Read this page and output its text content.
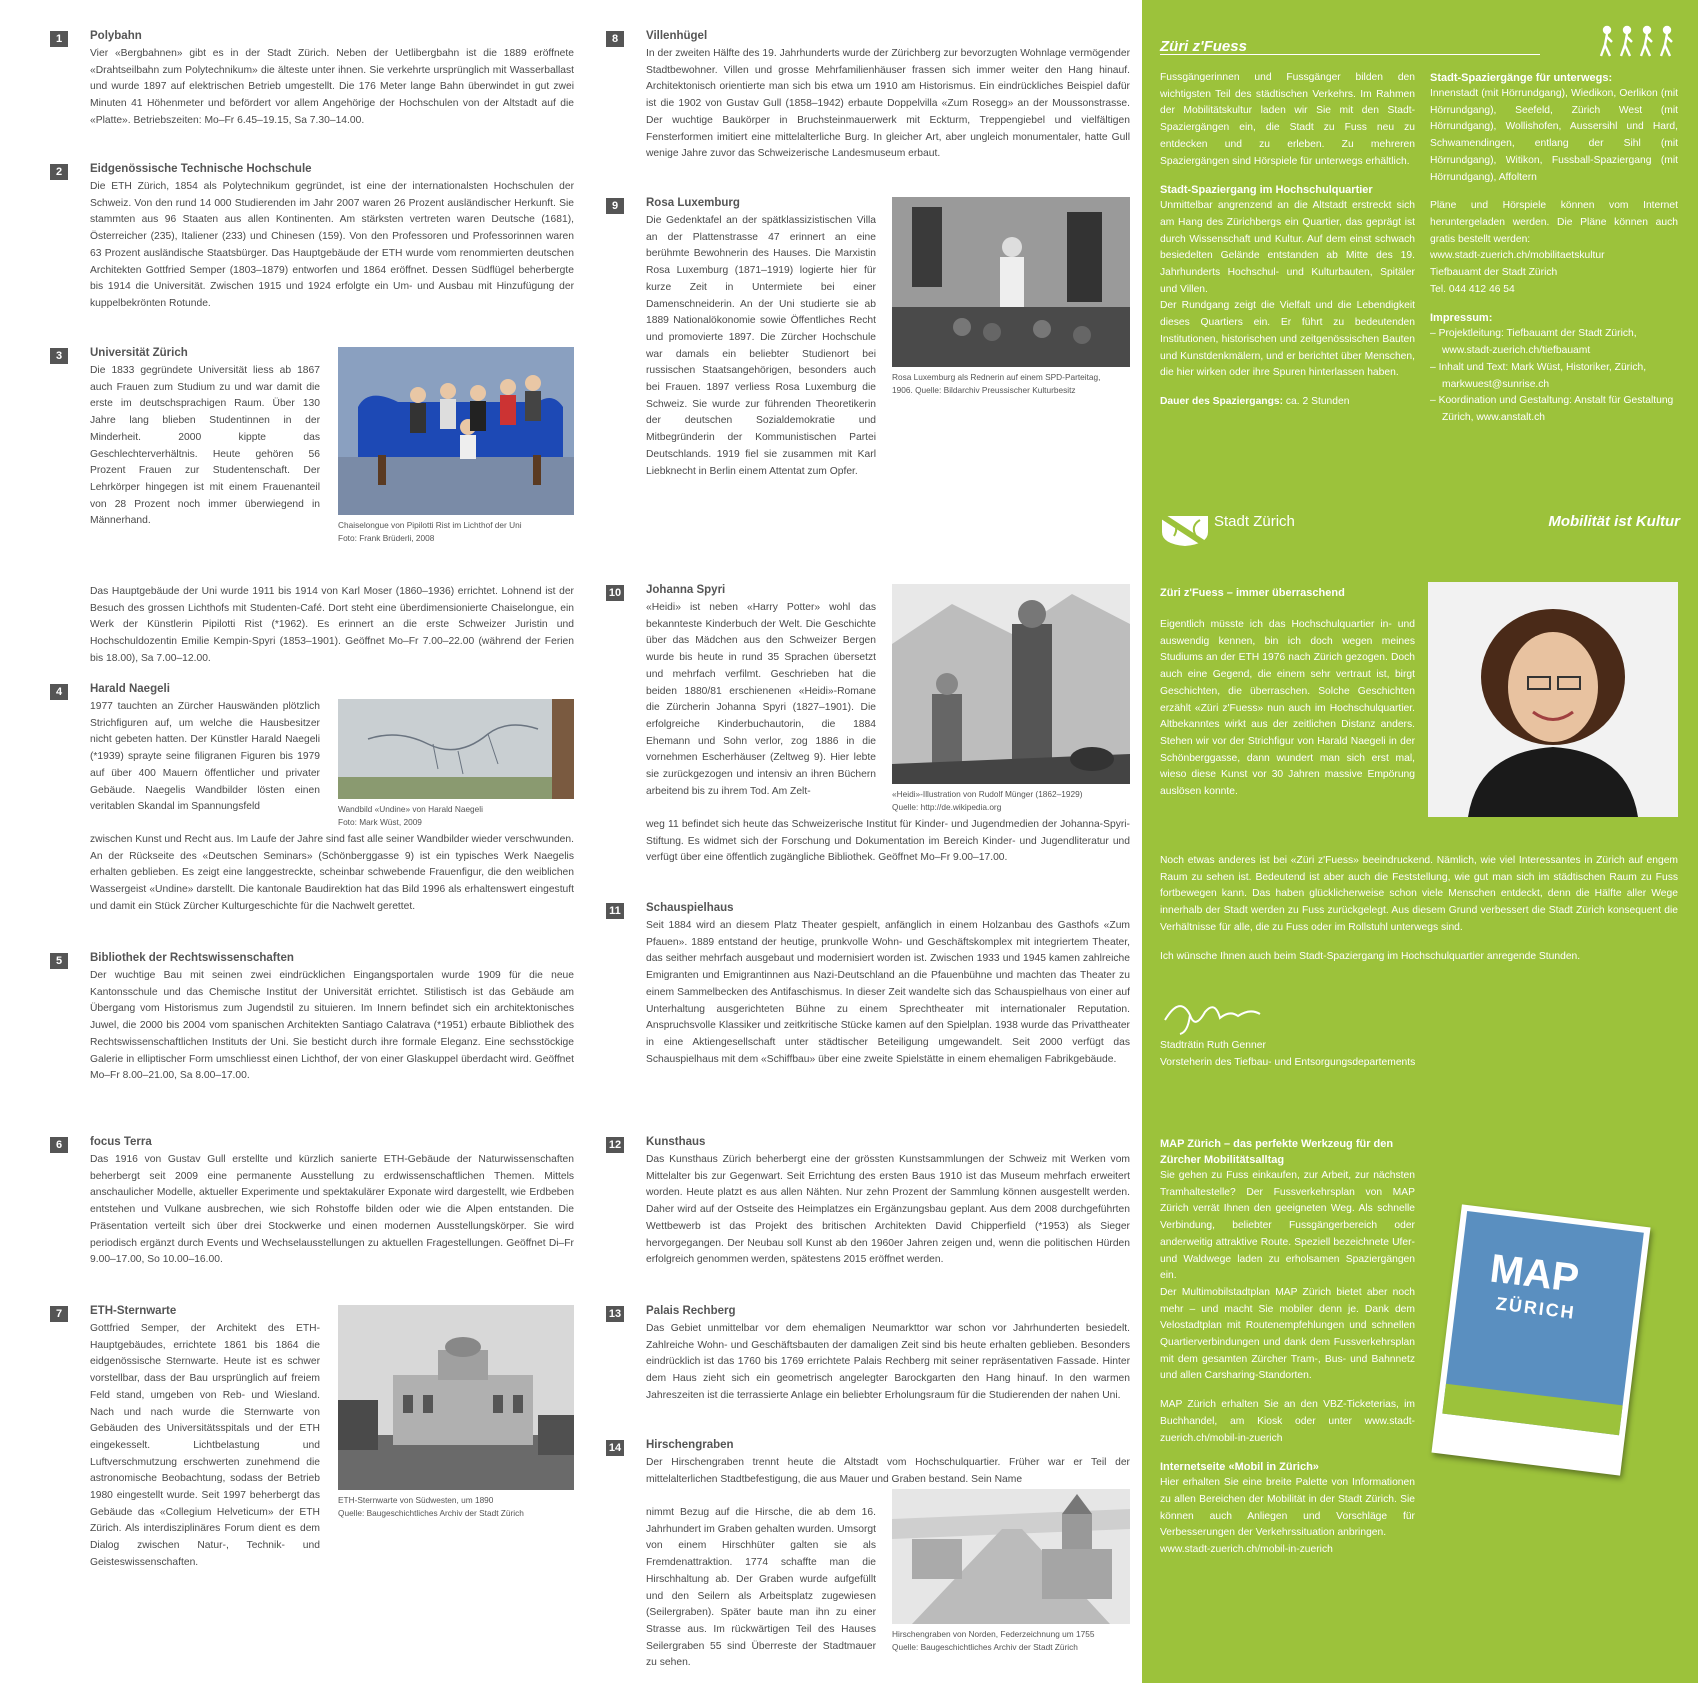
1	Polybahn
Vier «Bergbahnen» gibt es in der Stadt Zürich. Neben der Uetlibergbahn ist die 1889 eröffnete «Drahtseilbahn zum Polytechnikum» die älteste unter ihnen. Sie verkehrte ursprünglich mit Wasserballast und wurde 1897 auf elektrischen Betrieb umgestellt. Die 176 Meter lange Bahn überwindet in gut zwei Minuten 41 Höhenmeter und befördert vor allem Angehörige der Hochschulen von der Altstadt auf die «Platte». Betriebszeiten: Mo–Fr 6.45–19.15, Sa 7.30–14.00.
2	Eidgenössische Technische Hochschule
Die ETH Zürich, 1854 als Polytechnikum gegründet, ist eine der internationalsten Hochschulen der Schweiz. Von den rund 14 000 Studierenden im Jahr 2007 waren 26 Prozent ausländischer Herkunft. Sie stammten aus 96 Staaten aus allen Kontinenten. Am stärksten vertreten waren Deutsche (1681), Österreicher (235), Italiener (233) und Chinesen (159). Von den Professoren und Professorinnen waren 63 Prozent ausländische Staatsbürger. Das Hauptgebäude der ETH wurde vom renommierten deutschen Architekten Gottfried Semper (1803–1879) entworfen und 1864 eröffnet. Dessen Südflügel beherbergte bis 1914 die Universität. Zwischen 1915 und 1924 erfolgte ein Um- und Ausbau mit Hinzufügung der kuppelbekrönten Rotunde.
3	Universität Zürich
Die 1833 gegründete Universität liess ab 1867 auch Frauen zum Studium zu und war damit die erste im deutschsprachigen Raum. Über 130 Jahre lang blieben Studentinnen in der Minderheit. 2000 kippte das Geschlechterverhältnis. Heute gehören 56 Prozent Frauen zur Studentenschaft. Der Lehrkörper hingegen ist mit einem Frauenanteil von 28 Prozent noch immer überwiegend in Männerhand.	Chaiselongue von Pipilotti Rist im Lichthof der Uni
Foto: Frank Brüderli, 2008
Das Hauptgebäude der Uni wurde 1911 bis 1914 von Karl Moser (1860–1936) errichtet. Lohnend ist der Besuch des grossen Lichthofs mit Studenten-Café. Dort steht eine überdimensionierte Chaiselongue, ein Werk der Künstlerin Pipilotti Rist (*1962). Es erinnert an die erste Schweizer Juristin und Hochschuldozentin Emilie Kempin-Spyri (1853–1901). Geöffnet Mo–Fr 7.00–22.00 (während der Ferien bis 18.00), Sa 7.00–12.00.
4	Harald Naegeli
1977 tauchten an Zürcher Hauswänden plötzlich Strichfiguren auf, um welche die Hausbesitzer nicht gebeten hatten. Der Künstler Harald Naegeli (*1939) sprayte seine filigranen Figuren bis 1979 auf über 400 Mauern öffentlicher und privater Gebäude. Naegelis Wandbilder lösten einen veritablen Skandal im Spannungsfeld	Wandbild «Undine» von Harald Naegeli
Foto: Mark Wüst, 2009
zwischen Kunst und Recht aus. Im Laufe der Jahre sind fast alle seiner Wandbilder wieder verschwunden. An der Rückseite des «Deutschen Seminars» (Schönberggasse 9) ist ein typisches Werk Naegelis erhalten geblieben. Es zeigt eine langgestreckte, scheinbar schwebende Frauenfigur, die den weiblichen Wassergeist «Undine» darstellt. Die kantonale Baudirektion hat das Bild 1996 als erhaltenswert eingestuft und damit ein Stück Zürcher Kulturgeschichte für die Nachwelt gerettet.
5	Bibliothek der Rechtswissenschaften
Der wuchtige Bau mit seinen zwei eindrücklichen Eingangsportalen wurde 1909 für die neue Kantonsschule und das Chemische Institut der Universität errichtet. Stilistisch ist das Gebäude am Übergang vom Historismus zum Jugendstil zu situieren. Im Innern befindet sich ein architektonisches Juwel, die 2000 bis 2004 vom spanischen Architekten Santiago Calatrava (*1951) erbaute Bibliothek des Rechtswissenschaftlichen Instituts der Uni. Sie besticht durch ihre formale Eleganz. Eine sechsstöckige Galerie in elliptischer Form umschliesst einen Lichthof, der von einer Glaskuppel überdacht wird. Geöffnet Mo–Fr 8.00–21.00, Sa 8.00–17.00.
6	focus Terra
Das 1916 von Gustav Gull erstellte und kürzlich sanierte ETH-Gebäude der Naturwissenschaften beherbergt seit 2009 eine permanente Ausstellung zu erdwissenschaftlichen Themen. Mittels anschaulicher Modelle, aktueller Experimente und spektakulärer Exponate wird dargestellt, wie Erdbeben entstehen und Vulkane ausbrechen, wie sich Rohstoffe bilden oder wie die Alpen entstanden. Die Präsentation verteilt sich über drei Stockwerke und einen modernen Ausstellungskörper. Sie wird periodisch ergänzt durch Events und Wechselausstellungen zu aktuellen Fragestellungen. Geöffnet Di–Fr 9.00–17.00, So 10.00–16.00.
7	ETH-Sternwarte
Gottfried Semper, der Architekt des ETH-Hauptgebäudes, errichtete 1861 bis 1864 die eidgenössische Sternwarte. Heute ist es schwer vorstellbar, dass der Bau ursprünglich auf freiem Feld stand, umgeben von Reb- und Wiesland. Nach und nach wurde die Sternwarte von Gebäuden des Universitätsspitals und der ETH eingekesselt. Lichtbelastung und Luftverschmutzung erschwerten zunehmend die astronomische Beobachtung, sodass der Betrieb 1980 eingestellt wurde. Seit 1997 beherbergt das Gebäude das «Collegium Helveticum» der ETH Zürich. Als interdisziplinäres Forum dient es dem Dialog zwischen Natur-, Technik- und Geisteswissenschaften.
ETH-Sternwarte von Südwesten, um 1890
Quelle: Baugeschichtliches Archiv der Stadt Zürich
8	Villenhügel
In der zweiten Hälfte des 19. Jahrhunderts wurde der Zürichberg zur bevorzugten Wohnlage vermögender Stadtbewohner. Villen und grosse Mehrfamilienhäuser frassen sich immer weiter den Hang hinauf. Architektonisch orientierte man sich bis etwa um 1910 am Historismus. Ein eindrückliches Beispiel dafür ist die 1902 von Gustav Gull (1858–1942) erbaute Doppelvilla «Zum Rosegg» an der Moussonstrasse. Der wuchtige Baukörper in Bruchsteinmauerwerk mit Eckturm, Treppengiebel und vielfältigen Fensterformen imitiert eine mittelalterliche Burg. In gleicher Art, aber ungleich monumentaler, hatte Gull wenige Jahre zuvor das Schweizerische Landesmuseum erbaut.
9	Rosa Luxemburg
Die Gedenktafel an der spätklassizistischen Villa an der Plattenstrasse 47 erinnert an eine berühmte Bewohnerin des Hauses. Die Marxistin Rosa Luxemburg (1871–1919) logierte hier für kurze Zeit in Untermiete bei einer Damenschneiderin. An der Uni studierte sie ab 1889 Nationalökonomie sowie Öffentliches Recht und promovierte 1897. Die Zürcher Hochschule war damals ein beliebter Studienort bei russischen Staatsangehörigen, besonders auch bei Frauen. 1897 verliess Rosa Luxemburg die Schweiz. Sie wurde zur führenden Theoretikerin der deutschen Sozialdemokratie und Mitbegründerin der Kommunistischen Partei Deutschlands. 1919 fiel sie zusammen mit Karl Liebknecht in Berlin einem Attentat zum Opfer.
Rosa Luxemburg als Rednerin auf einem SPD-Parteitag,
1906. Quelle: Bildarchiv Preussischer Kulturbesitz
10 Johanna Spyri
«Heidi» ist neben «Harry Potter» wohl das bekannteste Kinderbuch der Welt. Die Geschichte über das Mädchen aus den Schweizer Bergen wurde bis heute in rund 35 Sprachen übersetzt und mehrfach verfilmt. Geschrieben hat die beiden 1880/81 erschienenen «Heidi»-Romane die Zürcherin Johanna Spyri (1827–1901). Die erfolgreiche Kinderbuchautorin, die 1884 Ehemann und Sohn verlor, zog 1886 in die vornehmen Escherhäuser (Zeltweg 9). Hier lebte sie zurückgezogen und intensiv an ihren Büchern arbeitend bis zu ihrem Tod. Am Zelt-	«Heidi»-Illustration von Rudolf Münger (1862–1929)
Quelle: http://de.wikipedia.org
weg 11 befindet sich heute das Schweizerische Institut für Kinder- und Jugendmedien der Johanna-Spyri-Stiftung. Es widmet sich der Forschung und Dokumentation im Bereich Kinder- und Jugendliteratur und verfügt über eine öffentlich zugängliche Bibliothek. Geöffnet Mo–Fr 9.00–17.00.
11 Schauspielhaus
Seit 1884 wird an diesem Platz Theater gespielt, anfänglich in einem Holzanbau des Gasthofs «Zum Pfauen». 1889 entstand der heutige, prunkvolle Wohn- und Geschäftskomplex mit integriertem Theater, das seither mehrfach ausgebaut und modernisiert worden ist. Zwischen 1933 und 1945 kamen zahlreiche Emigranten und Emigrantinnen aus Nazi-Deutschland an die Pfauenbühne und machten das Theater zu einem Sammelbecken des Antifaschismus. In dieser Zeit wandelte sich das Schauspielhaus von einer auf Unterhaltung ausgerichteten Bühne zu einem Sprechtheater mit internationaler Reputation. Anspruchsvolle Klassiker und zeitkritische Stücke kamen auf den Spielplan. 1938 wurde das Privattheater in eine Aktiengesellschaft unter städtischer Beteiligung umgewandelt. Seit 2000 verfügt das Schauspielhaus mit dem «Schiffbau» über eine zweite Spielstätte in einem ehemaligen Fabrikgebäude.
12 Kunsthaus
Das Kunsthaus Zürich beherbergt eine der grössten Kunstsammlungen der Schweiz mit Werken vom Mittelalter bis zur Gegenwart. Seit Errichtung des ersten Baus 1910 ist das Museum mehrfach erweitert worden. Heute platzt es aus allen Nähten. Nur zehn Prozent der Sammlung können ausgestellt werden. Daher wird auf der Ostseite des Heimplatzes ein Ergänzungsbau geplant. Aus dem 2008 durchgeführten Wettbewerb ist das Projekt des britischen Architekten David Chipperfield (*1953) als Sieger hervorgegangen. Der Neubau soll Kunst ab den 1960er Jahren zeigen und, wenn die politischen Hürden erfolgreich genommen werden, spätestens 2015 eröffnet werden.
13 Palais Rechberg
Das Gebiet unmittelbar vor dem ehemaligen Neumarkttor war schon vor Jahrhunderten besiedelt. Zahlreiche Wohn- und Geschäftsbauten der damaligen Zeit sind bis heute erhalten geblieben. Besonders eindrücklich ist das 1760 bis 1769 errichtete Palais Rechberg mit seiner repräsentativen Fassade. Hinter dem Haus zieht sich ein geometrisch angelegter Barockgarten den Hang hinauf. In den warmen Jahreszeiten ist die terrassierte Anlage ein beliebter Erholungsraum für die Studierenden der nahen Uni.
14 Hirschengraben
Der Hirschengraben trennt heute die Altstadt vom Hochschulquartier. Früher war er Teil der mittelalterlichen Stadtbefestigung, die aus Mauer und Graben bestand. Sein Name
nimmt Bezug auf die Hirsche, die ab dem 16. Jahrhundert im Graben gehalten wurden. Umsorgt von einem Hirschhüter galten sie als Fremdenattraktion. 1774 schaffte man die Hirschhaltung ab. Der Graben wurde aufgefüllt und den Seilern als Arbeitsplatz zugewiesen (Seilergraben). Später baute man ihn zu einer Strasse aus. Im rückwärtigen Teil des Hauses Seilergraben 55 sind Überreste der Stadtmauer zu sehen.
Hirschengraben von Norden, Federzeichnung um 1755
Quelle: Baugeschichtliches Archiv der Stadt Zürich
Züri z'Fuess
Fussgängerinnen und Fussgänger bilden den wichtigsten Teil des städtischen Verkehrs. Im Rahmen der Mobilitätskultur laden wir Sie mit den Stadt-Spaziergängen ein, die Stadt zu Fuss neu zu entdecken und zu erleben. Zu mehreren Spaziergängen sind Hörspiele für unterwegs erhältlich.
Stadt-Spaziergang im Hochschulquartier
Unmittelbar angrenzend an die Altstadt erstreckt sich am Hang des Zürichbergs ein Quartier, das geprägt ist durch Wissenschaft und Kultur. Auf dem einst schwach besiedelten Gelände entstanden ab Mitte des 19. Jahrhunderts Hochschul- und Kulturbauten, Spitäler und Villen.
Der Rundgang zeigt die Vielfalt und die Lebendigkeit dieses Quartiers ein. Er führt zu bedeutenden Institutionen, historischen und zeitgenössischen Bauten und Kunstdenkmälern, und er berichtet über Menschen, die hier wirken oder ihre Spuren hinterlassen haben.
Dauer des Spaziergangs: ca. 2 Stunden
Stadt-Spaziergänge für unterwegs:
Innenstadt (mit Hörrundgang), Wiedikon, Oerlikon (mit Hörrundgang), Seefeld, Zürich West (mit Hörrundgang), Wollishofen, Aussersihl und Hard, Schwamendingen, entlang der Sihl (mit Hörrundgang), Witikon, Fussball-Spaziergang (mit Hörrundgang), Affoltern
Pläne und Hörspiele können vom Internet heruntergeladen werden. Die Pläne können auch gratis bestellt werden:
www.stadt-zuerich.ch/mobilitaetskultur
Tiefbauamt der Stadt Zürich
Tel. 044 412 46 54
Impressum:
– Projektleitung: Tiefbauamt der Stadt Zürich, www.stadt-zuerich.ch/tiefbauamt
– Inhalt und Text: Mark Wüst, Historiker, Zürich, markwuest@sunrise.ch
– Koordination und Gestaltung: Anstalt für Gestaltung Zürich, www.anstalt.ch
Stadt Zürich	Mobilität ist Kultur
Züri z'Fuess – immer überraschend
Eigentlich müsste ich das Hochschulquartier in- und auswendig kennen, bin ich doch wegen meines Studiums an der ETH 1976 nach Zürich gezogen. Doch auch eine Gegend, die einem sehr vertraut ist, birgt Geschichten, die überraschen. Solche Geschichten erzählt «Züri z'Fuess» nun auch im Hochschulquartier. Altbekanntes wirkt aus der zeitlichen Distanz anders. Stehen wir vor der Strichfigur von Harald Naegeli in der Schönberggasse, dann wundert man sich erst mal, wieso diese Kunst vor 30 Jahren massive Empörung auslösen konnte.
Noch etwas anderes ist bei «Züri z'Fuess» beeindruckend. Nämlich, wie viel Interessantes in Zürich auf engem Raum zu sehen ist. Bedeutend ist aber auch die Feststellung, wie gut man sich im städtischen Raum zu Fuss fortbewegen kann. Das haben glücklicherweise schon viele Menschen entdeckt, denn die Hälfte aller Wege innerhalb der Stadt werden zu Fuss zurückgelegt. Aus diesem Grund verbessert die Stadt Zürich konsequent die Verhältnisse für alle, die zu Fuss oder im Rollstuhl unterwegs sind.
Ich wünsche Ihnen auch beim Stadt-Spaziergang im Hochschulquartier anregende Stunden.
Stadträtin Ruth Genner
Vorsteherin des Tiefbau- und Entsorgungsdepartements
MAP Zürich – das perfekte Werkzeug für den Zürcher Mobilitätsalltag
Sie gehen zu Fuss einkaufen, zur Arbeit, zur nächsten Tramhaltestelle? Der Fussverkehrsplan von MAP Zürich verrät Ihnen den geeigneten Weg. Als schnelle Verbindung, beliebter Fussgängerbereich oder anderweitig attraktive Route. Speziell bezeichnete Ufer- und Waldwege laden zu erholsamen Spaziergängen ein.
Der Multimobilstadtplan MAP Zürich bietet aber noch mehr – und macht Sie mobiler denn je. Dank dem Velostadtplan mit Routenempfehlungen und schnellen Quartierverbindungen und dank dem Fussverkehrsplan mit dem gesamten Zürcher Tram-, Bus- und Bahnnetz und allen Carsharing-Standorten.
MAP Zürich erhalten Sie an den VBZ-Ticketerias, im Buchhandel, am Kiosk oder unter www.stadt-zuerich.ch/mobil-in-zuerich
Internetseite «Mobil in Zürich»
Hier erhalten Sie eine breite Palette von Informationen zu allen Bereichen der Mobilität in der Stadt Zürich. Sie können auch Anliegen und Vorschläge für Verbesserungen der Verkehrssituation anbringen.
www.stadt-zuerich.ch/mobil-in-zuerich
MAP
ZÜRICH
